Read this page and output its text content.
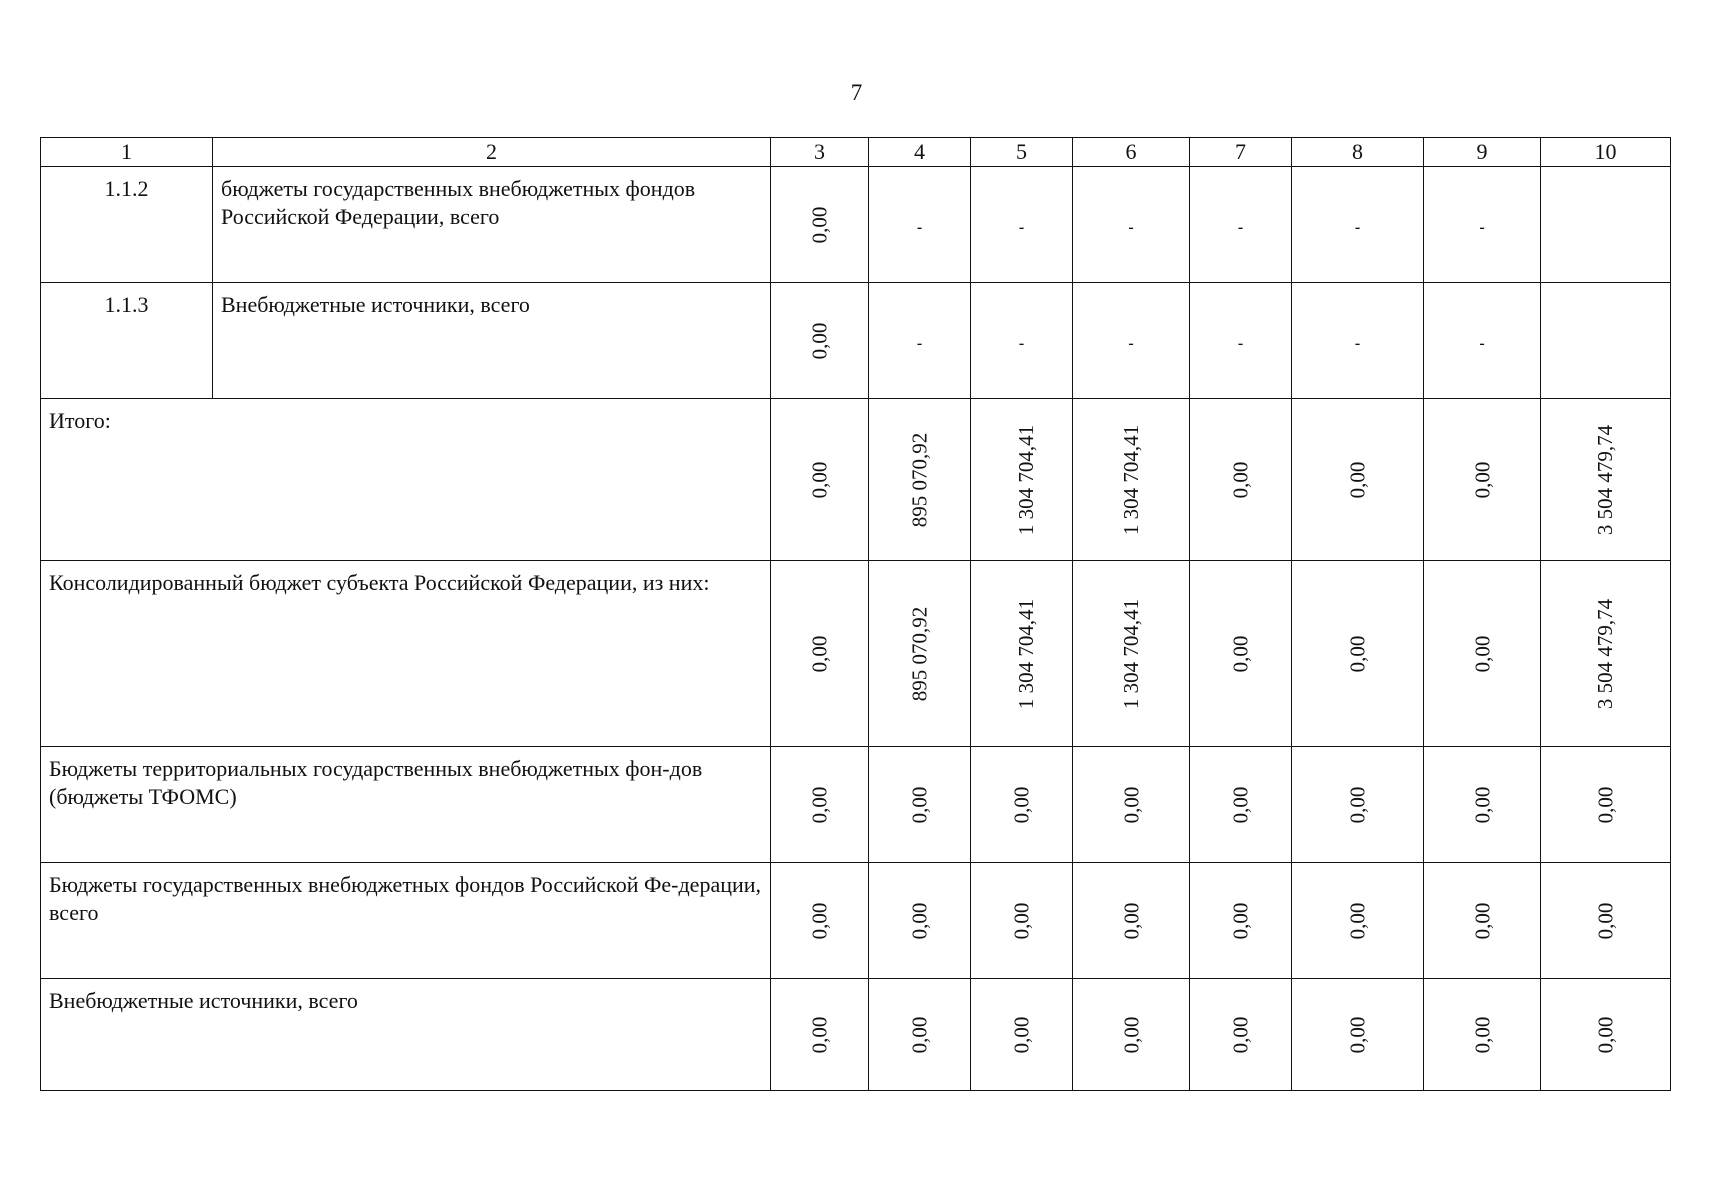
7
1	2	3	4	5	6	7	8	9	10
1.1.2	бюджеты государственных внебюджетных фондов Российской Федерации, всего	0,00	-	-	-	-	-	-	
1.1.3	Внебюджетные источники, всего	0,00	-	-	-	-	-	-	
Итого:		0,00	895 070,92	1 304 704,41	1 304 704,41	0,00	0,00	0,00	3 504 479,74
Консолидированный бюджет субъекта Российской Федерации, из них:		0,00	895 070,92	1 304 704,41	1 304 704,41	0,00	0,00	0,00	3 504 479,74
Бюджеты территориальных государственных внебюджетных фон-дов (бюджеты ТФОМС)		0,00	0,00	0,00	0,00	0,00	0,00	0,00	0,00
Бюджеты государственных внебюджетных фондов Российской Фе-дерации, всего		0,00	0,00	0,00	0,00	0,00	0,00	0,00	0,00
Внебюджетные источники, всего		0,00	0,00	0,00	0,00	0,00	0,00	0,00	0,00
